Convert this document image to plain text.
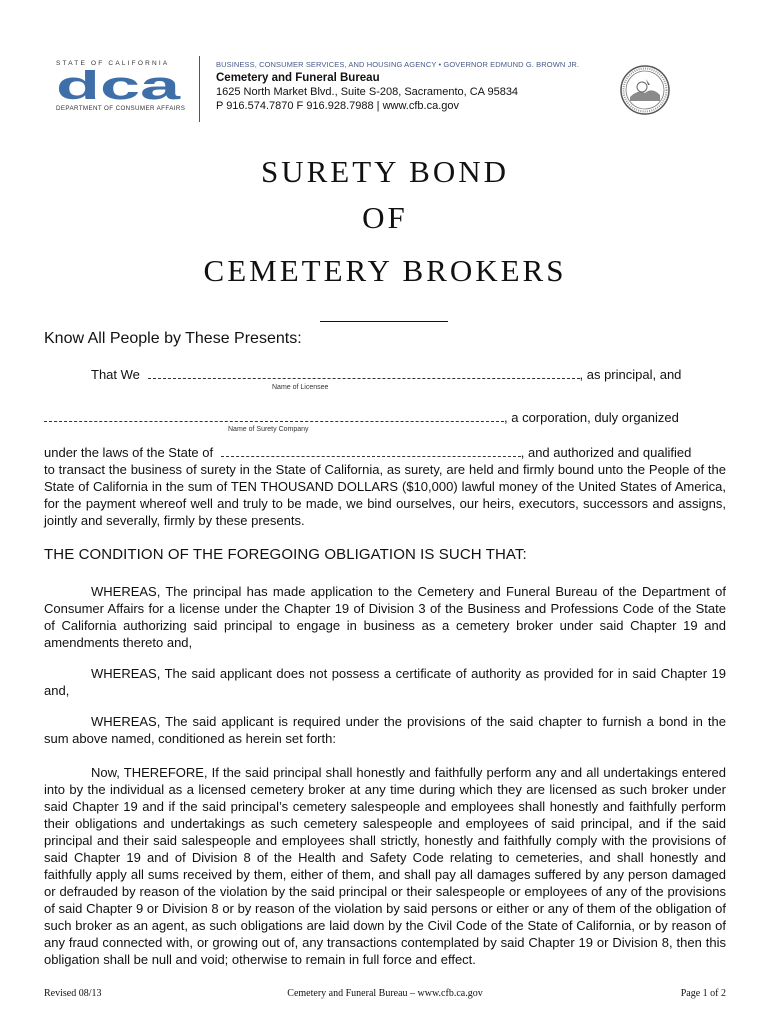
STATE OF CALIFORNIA
dca
DEPARTMENT OF CONSUMER AFFAIRS
BUSINESS, CONSUMER SERVICES, AND HOUSING AGENCY • GOVERNOR EDMUND G. BROWN JR.
Cemetery and Funeral Bureau
1625 North Market Blvd., Suite S-208, Sacramento, CA 95834
P 916.574.7870 F 916.928.7988 | www.cfb.ca.gov
SURETY BOND
OF
CEMETERY BROKERS
Know All People by These Presents:
That We	, as principal, and
Name of Licensee
, a corporation, duly organized
Name of Surety Company
under the laws of the State of	, and authorized and qualified
to transact the business of surety in the State of California, as surety, are held and firmly bound unto the People of the State of California in the sum of TEN THOUSAND DOLLARS ($10,000) lawful money of the United States of America, for the payment whereof well and truly to be made, we bind ourselves, our heirs, executors, successors and assigns, jointly and severally, firmly by these presents.
THE CONDITION OF THE FOREGOING OBLIGATION IS SUCH THAT:
WHEREAS, The principal has made application to the Cemetery and Funeral Bureau of the Department of Consumer Affairs for a license under the Chapter 19 of Division 3 of the Business and Professions Code of the State of California authorizing said principal to engage in business as a cemetery broker under said Chapter 19 and amendments thereto and,
WHEREAS, The said applicant does not possess a certificate of authority as provided for in said Chapter 19 and,
WHEREAS, The said applicant is required under the provisions of the said chapter to furnish a bond in the sum above named, conditioned as herein set forth:
Now, THEREFORE, If the said principal shall honestly and faithfully perform any and all undertakings entered into by the individual as a licensed cemetery broker at any time during which they are licensed as such broker under said Chapter 19 and if the said principal’s cemetery salespeople and employees shall honestly and faithfully perform their obligations and undertakings as such cemetery salespeople and employees of said principal, and if the said principal and their said salespeople and employees shall strictly, honestly and faithfully comply with the provisions of said Chapter 19 and of Division 8 of the Health and Safety Code relating to cemeteries, and shall honestly and faithfully apply all sums received by them, either of them, and shall pay all damages suffered by any person damaged or defrauded by reason of the violation by the said principal or their salespeople or employees of any of the provisions of said Chapter 9 or Division 8 or by reason of the violation by said persons or either or any of them of the obligation of such broker as an agent, as such obligations are laid down by the Civil Code of the State of California, or by reason of any fraud connected with, or growing out of, any transactions contemplated by said Chapter 19 or Division 8, then this obligation shall be null and void; otherwise to remain in full force and effect.
Revised 08/13	Cemetery and Funeral Bureau – www.cfb.ca.gov	Page 1 of 2
